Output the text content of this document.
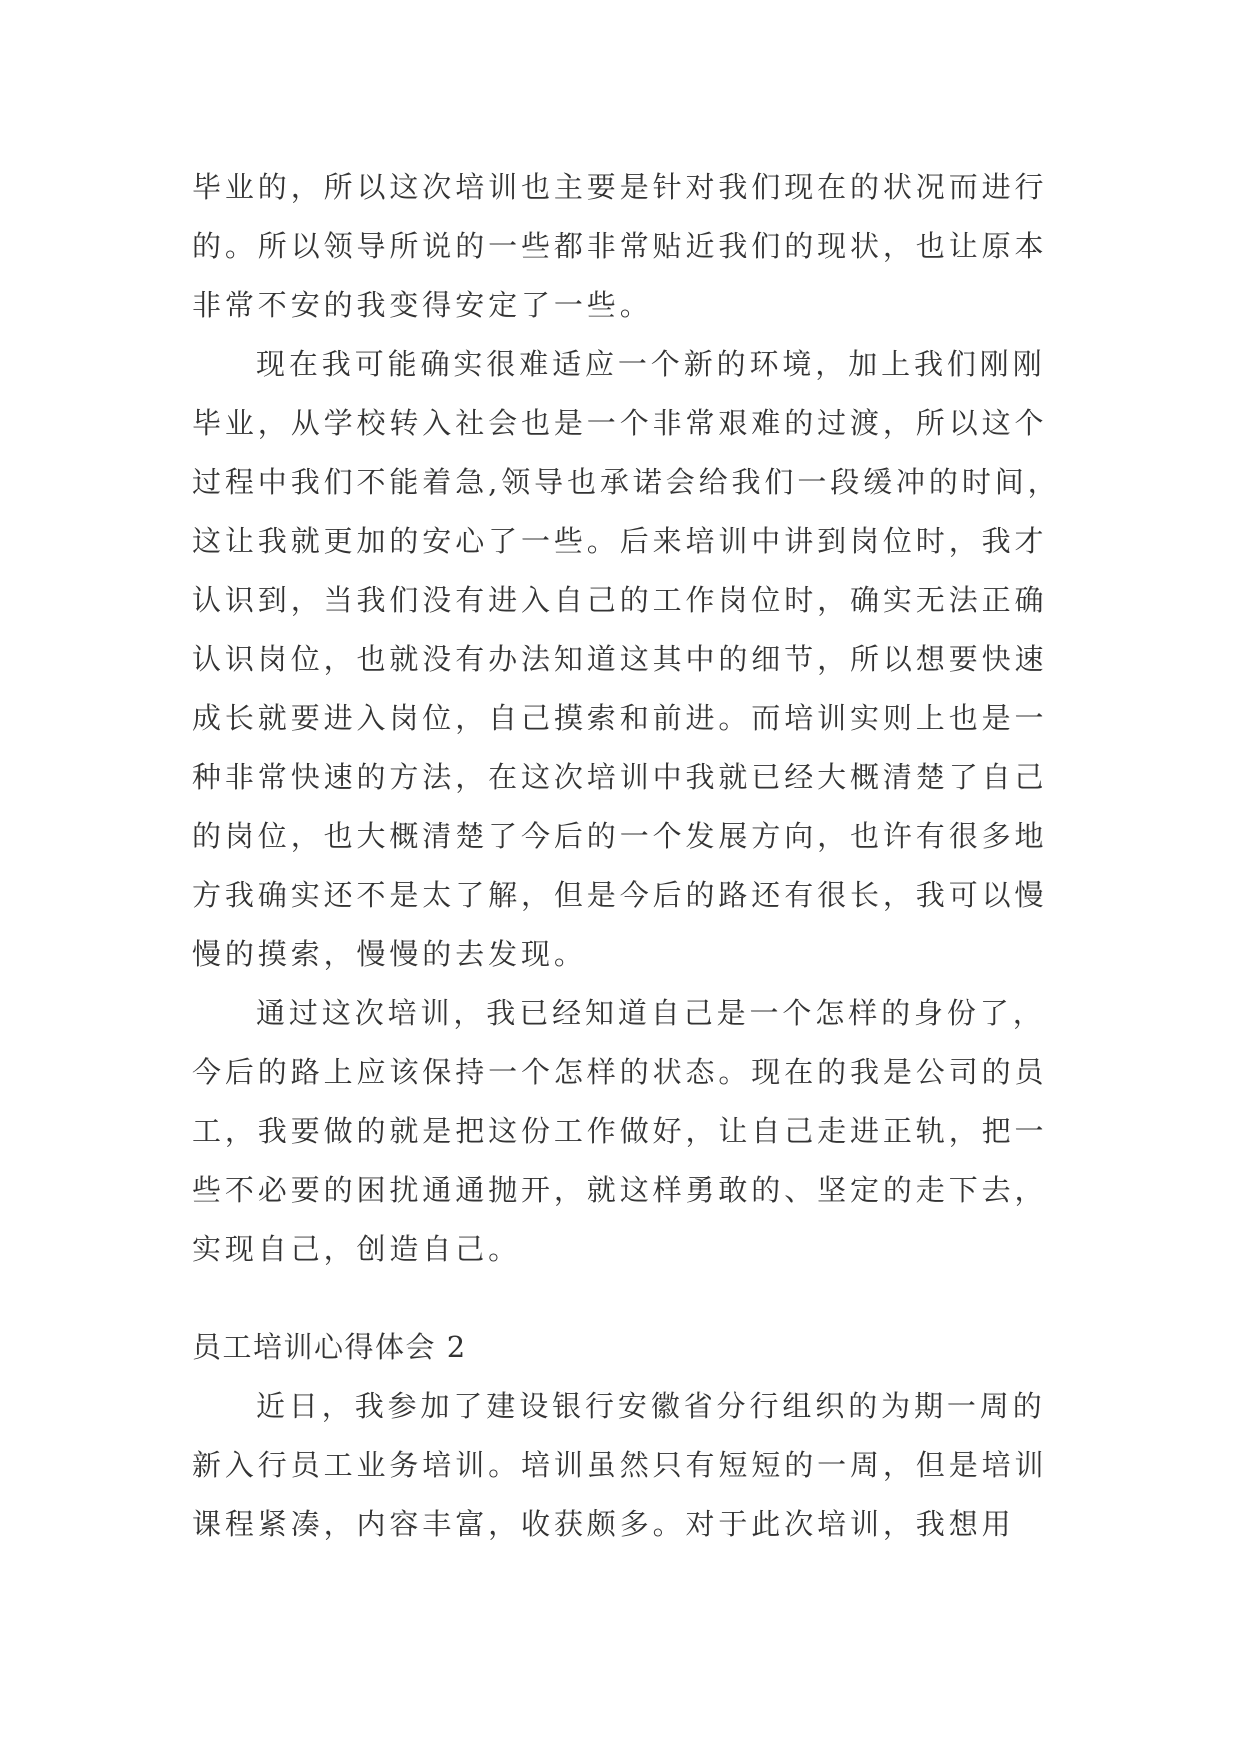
毕业的，所以这次培训也主要是针对我们现在的状况而进行
的。所以领导所说的一些都非常贴近我们的现状，也让原本
非常不安的我变得安定了一些。
现在我可能确实很难适应一个新的环境，加上我们刚刚
毕业，从学校转入社会也是一个非常艰难的过渡，所以这个
过程中我们不能着急,领导也承诺会给我们一段缓冲的时间，
这让我就更加的安心了一些。后来培训中讲到岗位时，我才
认识到，当我们没有进入自己的工作岗位时，确实无法正确
认识岗位，也就没有办法知道这其中的细节，所以想要快速
成长就要进入岗位，自己摸索和前进。而培训实则上也是一
种非常快速的方法，在这次培训中我就已经大概清楚了自己
的岗位，也大概清楚了今后的一个发展方向，也许有很多地
方我确实还不是太了解，但是今后的路还有很长，我可以慢
慢的摸索，慢慢的去发现。
通过这次培训，我已经知道自己是一个怎样的身份了，
今后的路上应该保持一个怎样的状态。现在的我是公司的员
工，我要做的就是把这份工作做好，让自己走进正轨，把一
些不必要的困扰通通抛开，就这样勇敢的、坚定的走下去，
实现自己，创造自己。
员工培训心得体会 2
近日，我参加了建设银行安徽省分行组织的为期一周的
新入行员工业务培训。培训虽然只有短短的一周，但是培训
课程紧凑，内容丰富，收获颇多。对于此次培训，我想用
